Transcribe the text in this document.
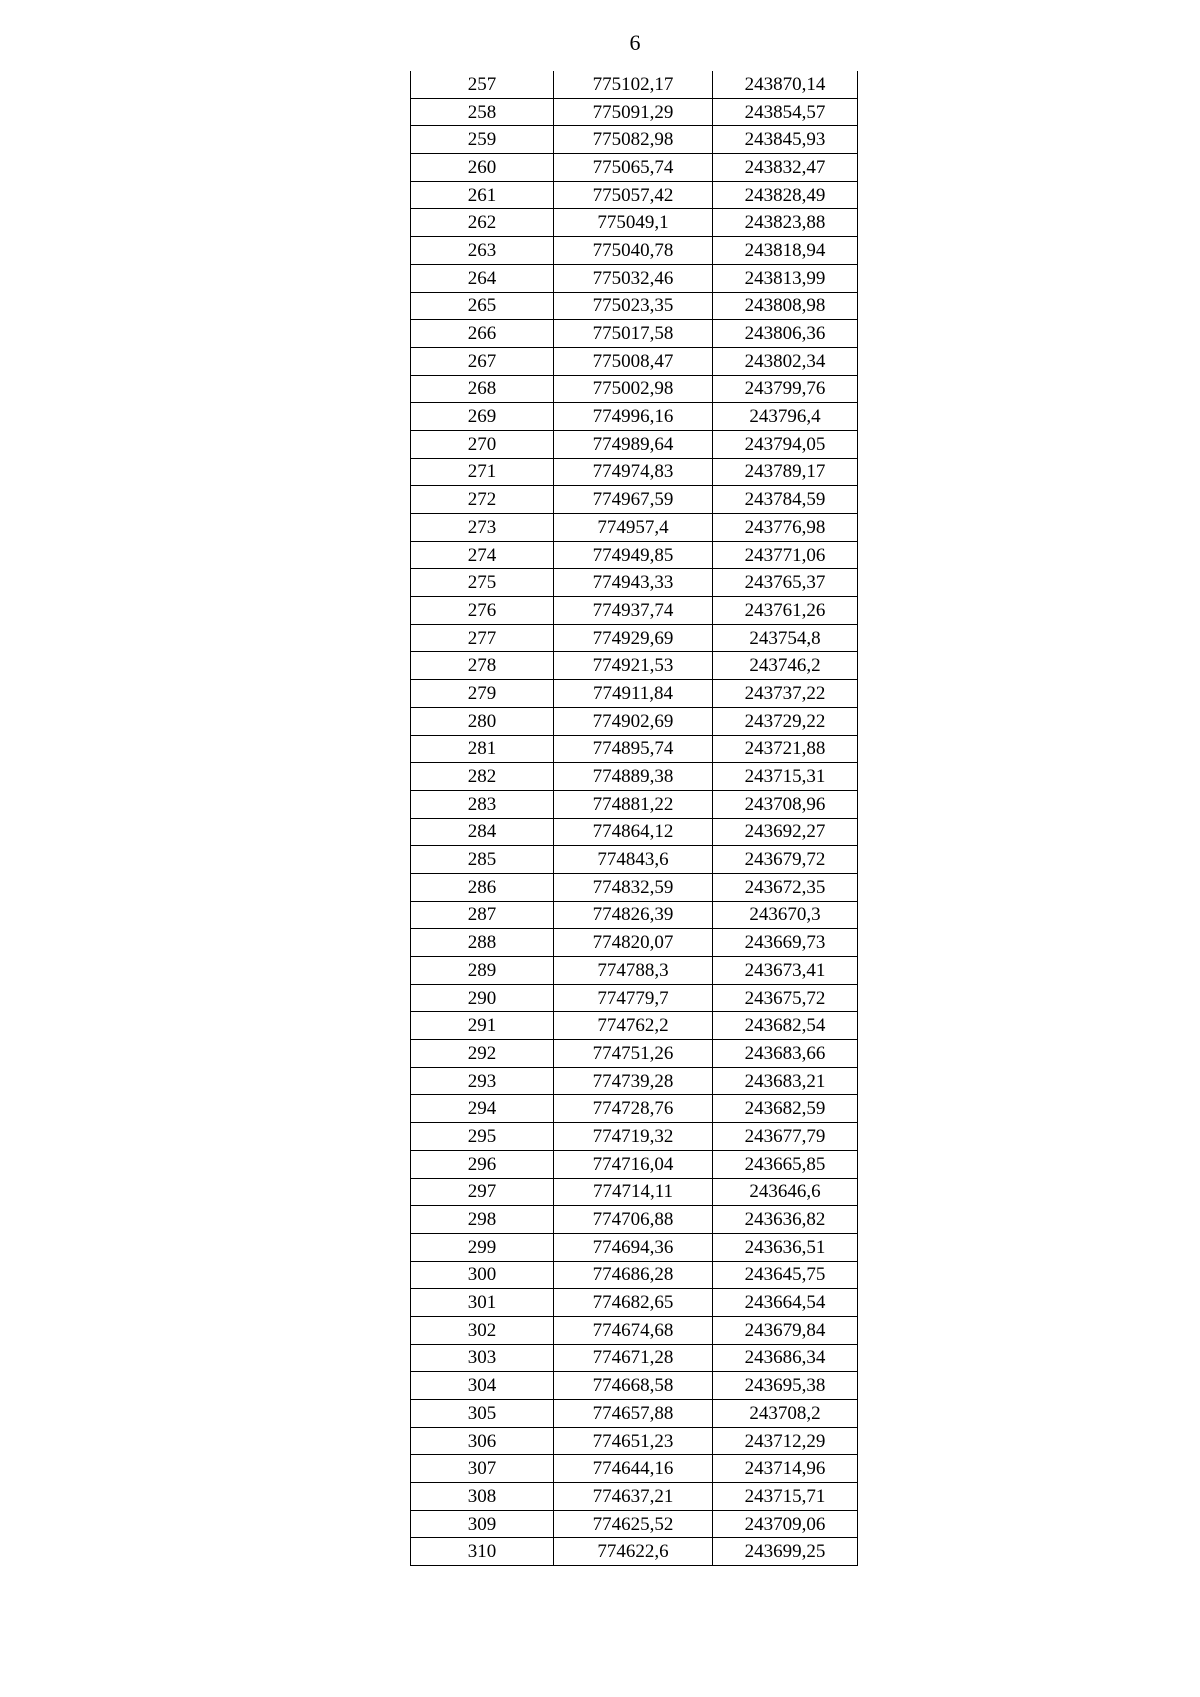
6
257	775102,17	243870,14
258	775091,29	243854,57
259	775082,98	243845,93
260	775065,74	243832,47
261	775057,42	243828,49
262	775049,1	243823,88
263	775040,78	243818,94
264	775032,46	243813,99
265	775023,35	243808,98
266	775017,58	243806,36
267	775008,47	243802,34
268	775002,98	243799,76
269	774996,16	243796,4
270	774989,64	243794,05
271	774974,83	243789,17
272	774967,59	243784,59
273	774957,4	243776,98
274	774949,85	243771,06
275	774943,33	243765,37
276	774937,74	243761,26
277	774929,69	243754,8
278	774921,53	243746,2
279	774911,84	243737,22
280	774902,69	243729,22
281	774895,74	243721,88
282	774889,38	243715,31
283	774881,22	243708,96
284	774864,12	243692,27
285	774843,6	243679,72
286	774832,59	243672,35
287	774826,39	243670,3
288	774820,07	243669,73
289	774788,3	243673,41
290	774779,7	243675,72
291	774762,2	243682,54
292	774751,26	243683,66
293	774739,28	243683,21
294	774728,76	243682,59
295	774719,32	243677,79
296	774716,04	243665,85
297	774714,11	243646,6
298	774706,88	243636,82
299	774694,36	243636,51
300	774686,28	243645,75
301	774682,65	243664,54
302	774674,68	243679,84
303	774671,28	243686,34
304	774668,58	243695,38
305	774657,88	243708,2
306	774651,23	243712,29
307	774644,16	243714,96
308	774637,21	243715,71
309	774625,52	243709,06
310	774622,6	243699,25
